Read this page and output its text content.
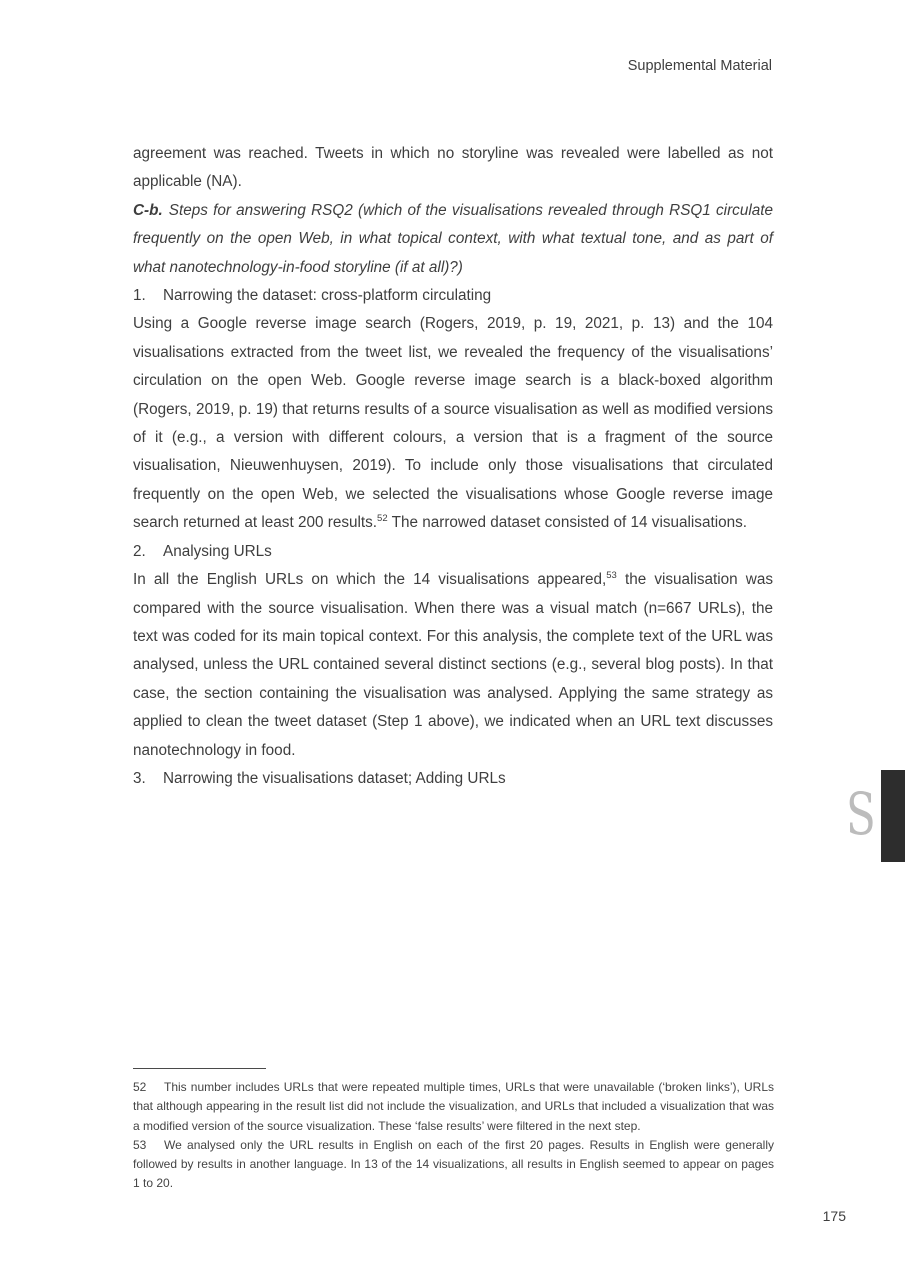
Supplemental Material

agreement was reached. Tweets in which no storyline was revealed were labelled as not applicable (NA).

C-b. Steps for answering RSQ2 (which of the visualisations revealed through RSQ1 circulate frequently on the open Web, in what topical context, with what textual tone, and as part of what nanotechnology-in-food storyline (if at all)?)

1. Narrowing the dataset: cross-platform circulating

Using a Google reverse image search (Rogers, 2019, p. 19, 2021, p. 13) and the 104 visualisations extracted from the tweet list, we revealed the frequency of the visualisations’ circulation on the open Web. Google reverse image search is a black-boxed algorithm (Rogers, 2019, p. 19) that returns results of a source visualisation as well as modified versions of it (e.g., a version with different colours, a version that is a fragment of the source visualisation, Nieuwenhuysen, 2019). To include only those visualisations that circulated frequently on the open Web, we selected the visualisations whose Google reverse image search returned at least 200 results.$^{52}$ The narrowed dataset consisted of 14 visualisations.

2. Analysing URLs

In all the English URLs on which the 14 visualisations appeared,$^{53}$ the visualisation was compared with the source visualisation. When there was a visual match (n=667 URLs), the text was coded for its main topical context. For this analysis, the complete text of the URL was analysed, unless the URL contained several distinct sections (e.g., several blog posts). In that case, the section containing the visualisation was analysed. Applying the same strategy as applied to clean the tweet dataset (Step 1 above), we indicated when an URL text discusses nanotechnology in food.

3. Narrowing the visualisations dataset; Adding URLs

52 This number includes URLs that were repeated multiple times, URLs that were unavailable (‘broken links’), URLs that although appearing in the result list did not include the visualization, and URLs that included a visualization that was a modified version of the source visualization. These ‘false results’ were filtered in the next step.

53 We analysed only the URL results in English on each of the first 20 pages. Results in English were generally followed by results in another language. In 13 of the 14 visualizations, all results in English seemed to appear on pages 1 to 20.

S
175
